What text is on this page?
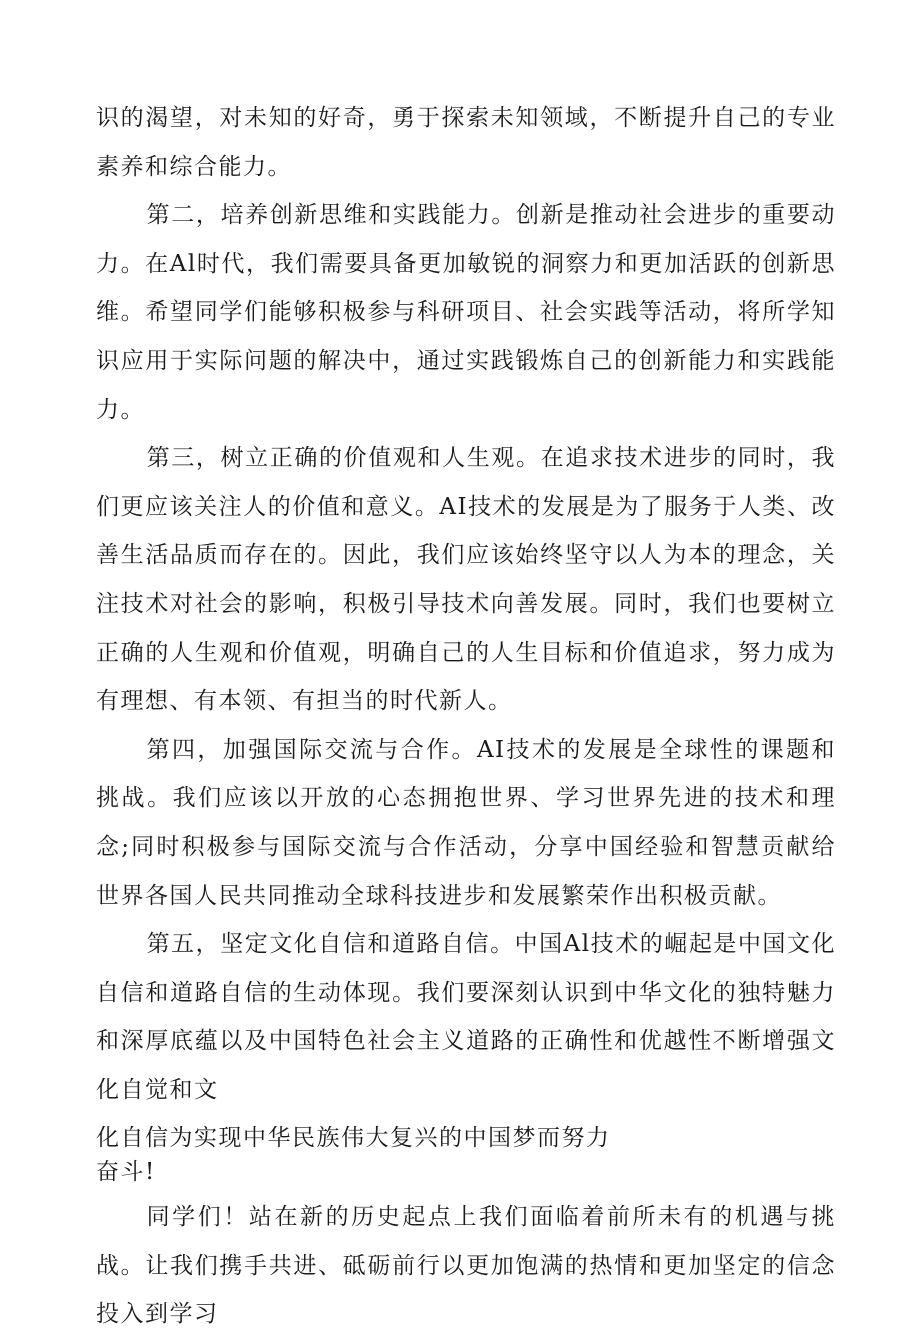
识的渴望，对未知的好奇，勇于探索未知领域，不断提升自己的专业素养和综合能力。

第二，培养创新思维和实践能力。创新是推动社会进步的重要动力。在Al时代，我们需要具备更加敏锐的洞察力和更加活跃的创新思维。希望同学们能够积极参与科研项目、社会实践等活动，将所学知识应用于实际问题的解决中，通过实践锻炼自己的创新能力和实践能力。

第三，树立正确的价值观和人生观。在追求技术进步的同时，我们更应该关注人的价值和意义。AI技术的发展是为了服务于人类、改善生活品质而存在的。因此，我们应该始终坚守以人为本的理念，关注技术对社会的影响，积极引导技术向善发展。同时，我们也要树立正确的人生观和价值观，明确自己的人生目标和价值追求，努力成为有理想、有本领、有担当的时代新人。

第四，加强国际交流与合作。AI技术的发展是全球性的课题和挑战。我们应该以开放的心态拥抱世界、学习世界先进的技术和理念;同时积极参与国际交流与合作活动，分享中国经验和智慧贡献给世界各国人民共同推动全球科技进步和发展繁荣作出积极贡献。

第五，坚定文化自信和道路自信。中国Al技术的崛起是中国文化自信和道路自信的生动体现。我们要深刻认识到中华文化的独特魅力和深厚底蕴以及中国特色社会主义道路的正确性和优越性不断增强文化自觉和文

化自信为实现中华民族伟大复兴的中国梦而努力
奋斗!

同学们！站在新的历史起点上我们面临着前所未有的机遇与挑战。让我们携手共进、砥砺前行以更加饱满的热情和更加坚定的信念投入到学习
